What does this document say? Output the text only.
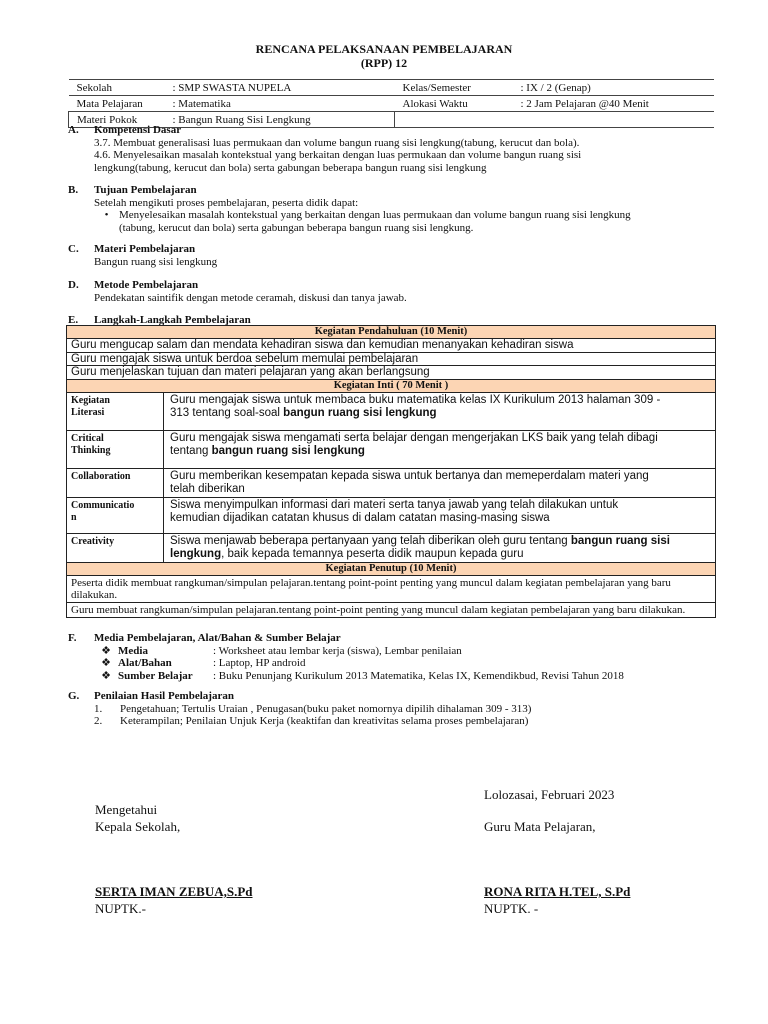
RENCANA PELAKSANAAN PEMBELAJARAN
(RPP) 12
Sekolah	: SMP SWASTA NUPELA	Kelas/Semester	: IX / 2 (Genap)
Mata Pelajaran	: Matematika	Alokasi Waktu	: 2 Jam Pelajaran @40 Menit
Materi Pokok	: Bangun Ruang Sisi Lengkung		
A.	Kompetensi Dasar
3.7. Membuat generalisasi luas permukaan dan volume bangun ruang sisi lengkung(tabung, kerucut dan bola).
4.6. Menyelesaikan masalah kontekstual yang berkaitan dengan luas permukaan dan volume bangun ruang sisi
lengkung(tabung, kerucut dan bola) serta gabungan beberapa bangun ruang sisi lengkung
B.	Tujuan Pembelajaran
Setelah mengikuti proses pembelajaran, peserta didik dapat:
• Menyelesaikan masalah kontekstual yang berkaitan dengan luas permukaan dan volume bangun ruang sisi lengkung
(tabung, kerucut dan bola) serta gabungan beberapa bangun ruang sisi lengkung.
C.	Materi Pembelajaran
Bangun ruang sisi lengkung
D.	Metode Pembelajaran
Pendekatan saintifik dengan metode ceramah, diskusi dan tanya jawab.
E.	Langkah-Langkah Pembelajaran
Kegiatan Pendahuluan (10 Menit)	
Guru mengucap salam dan mendata kehadiran siswa dan kemudian menanyakan kehadiran siswa	
Guru mengajak siswa untuk berdoa sebelum memulai pembelajaran	
Guru menjelaskan tujuan dan materi pelajaran yang akan berlangsung	
Kegiatan Inti ( 70 Menit )	
Kegiatan
Literasi	Guru mengajak siswa untuk membaca buku matematika kelas IX Kurikulum 2013 halaman 309 -
313 tentang soal-soal bangun ruang sisi lengkung
Critical
Thinking	Guru mengajak siswa mengamati serta belajar dengan mengerjakan LKS baik yang telah dibagi
tentang bangun ruang sisi lengkung
Collaboration	Guru memberikan kesempatan kepada siswa untuk bertanya dan memeperdalam materi yang
telah diberikan
Communicatio
n	Siswa menyimpulkan informasi dari materi serta tanya jawab yang telah dilakukan untuk
kemudian dijadikan catatan khusus di dalam catatan masing-masing siswa
Creativity	Siswa menjawab beberapa pertanyaan yang telah diberikan oleh guru tentang bangun ruang sisi
lengkung, baik kepada temannya peserta didik maupun kepada guru
Kegiatan Penutup (10 Menit)	
Peserta didik membuat rangkuman/simpulan pelajaran.tentang point-point penting yang muncul dalam kegiatan pembelajaran yang baru dilakukan.	
Guru membuat rangkuman/simpulan pelajaran.tentang point-point penting yang muncul dalam kegiatan pembelajaran yang baru dilakukan.	
F.	Media Pembelajaran, Alat/Bahan & Sumber Belajar
❖ Media	: Worksheet atau lembar kerja (siswa), Lembar penilaian
❖ Alat/Bahan	: Laptop, HP android
❖ Sumber Belajar	: Buku Penunjang Kurikulum 2013 Matematika, Kelas IX, Kemendikbud, Revisi Tahun 2018
G.	Penilaian Hasil Pembelajaran
1.	Pengetahuan; Tertulis Uraian , Penugasan(buku paket nomornya dipilih dihalaman 309 - 313)
2.	Keterampilan; Penilaian Unjuk Kerja (keaktifan dan kreativitas selama proses pembelajaran)
Lolozasai, Februari 2023
Mengetahui
Kepala Sekolah,	Guru Mata Pelajaran,
SERTA IMAN ZEBUA,S.Pd
NUPTK.-
RONA RITA H.TEL, S.Pd
NUPTK. -
